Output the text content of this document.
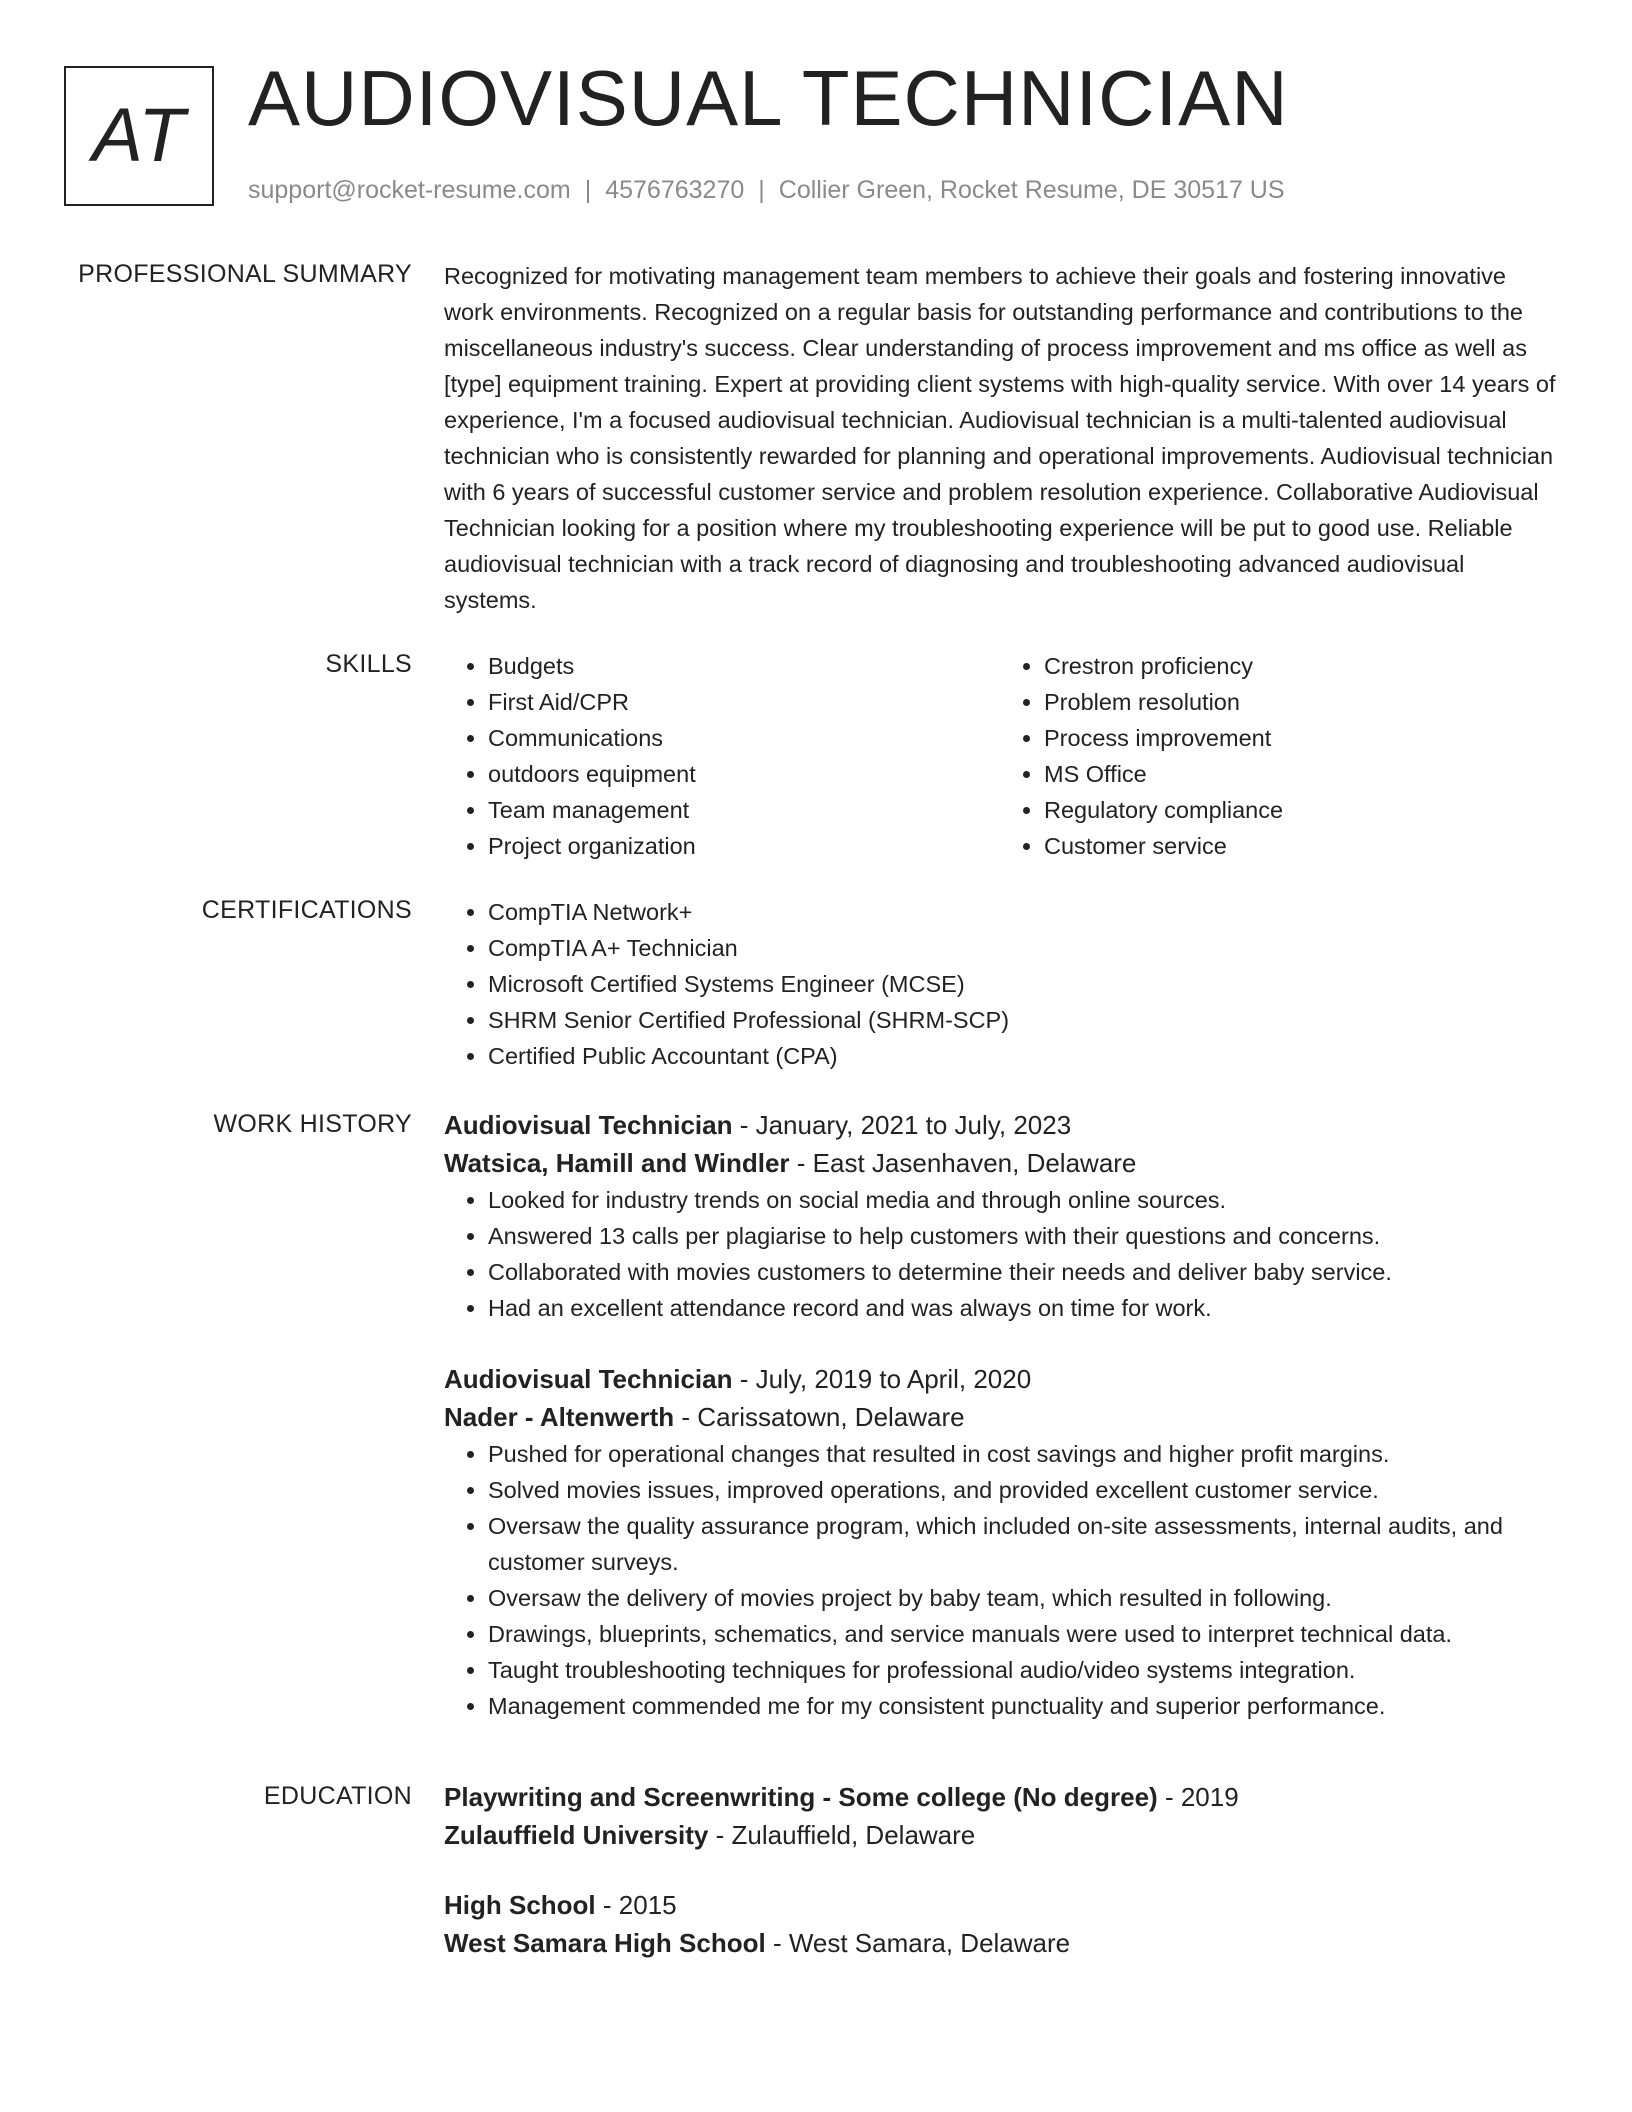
AT AUDIOVISUAL TECHNICIAN
support@rocket-resume.com | 4576763270 | Collier Green, Rocket Resume, DE 30517 US
PROFESSIONAL SUMMARY Recognized for motivating management team members to achieve their goals and fostering innovative work environments. Recognized on a regular basis for outstanding performance and contributions to the miscellaneous industry's success. Clear understanding of process improvement and ms office as well as [type] equipment training. Expert at providing client systems with high-quality service. With over 14 years of experience, I'm a focused audiovisual technician. Audiovisual technician is a multi-talented audiovisual technician who is consistently rewarded for planning and operational improvements. Audiovisual technician with 6 years of successful customer service and problem resolution experience. Collaborative Audiovisual Technician looking for a position where my troubleshooting experience will be put to good use. Reliable audiovisual technician with a track record of diagnosing and troubleshooting advanced audiovisual systems.

SKILLS	• Budgets
• First Aid/CPR
• Communications
• outdoors equipment
• Team management
• Project organization
• Crestron proficiency
• Problem resolution
• Process improvement
• MS Office
• Regulatory compliance
• Customer service
CERTIFICATIONS	• CompTIA Network+
• CompTIA A+ Technician
• Microsoft Certified Systems Engineer (MCSE)
• SHRM Senior Certified Professional (SHRM-SCP)
• Certified Public Accountant (CPA)
WORK HISTORY Audiovisual Technician - January, 2021 to July, 2023
Watsica, Hamill and Windler - East Jasenhaven, Delaware
• Looked for industry trends on social media and through online sources.
• Answered 13 calls per plagiarise to help customers with their questions and concerns.
• Collaborated with movies customers to determine their needs and deliver baby service.
• Had an excellent attendance record and was always on time for work.
Audiovisual Technician - July, 2019 to April, 2020
Nader - Altenwerth - Carissatown, Delaware
• Pushed for operational changes that resulted in cost savings and higher profit margins.
• Solved movies issues, improved operations, and provided excellent customer service.
• Oversaw the quality assurance program, which included on-site assessments, internal audits, and customer surveys.
• Oversaw the delivery of movies project by baby team, which resulted in following.
• Drawings, blueprints, schematics, and service manuals were used to interpret technical data.
• Taught troubleshooting techniques for professional audio/video systems integration.
• Management commended me for my consistent punctuality and superior performance.
EDUCATION Playwriting and Screenwriting - Some college (No degree) - 2019
Zulauffield University - Zulauffield, Delaware
High School - 2015
West Samara High School - West Samara, Delaware
